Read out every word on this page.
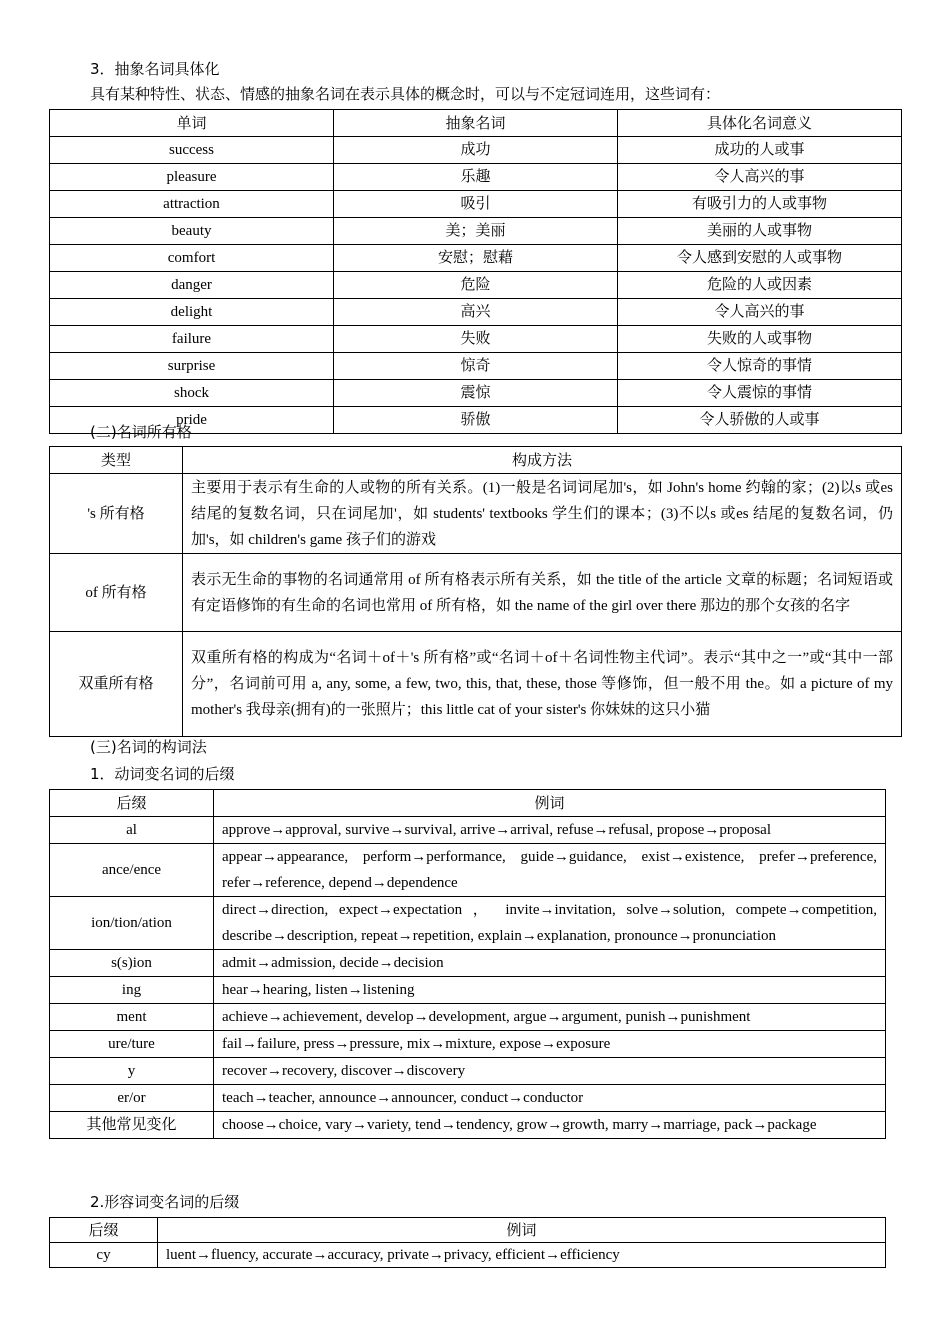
3．抽象名词具体化
具有某种特性、状态、情感的抽象名词在表示具体的概念时，可以与不定冠词连用，这些词有：
单词	抽象名词	具体化名词意义
success	成功	成功的人或事
pleasure	乐趣	令人高兴的事
attraction	吸引	有吸引力的人或事物
beauty	美；美丽	美丽的人或事物
comfort	安慰；慰藉	令人感到安慰的人或事物
danger	危险	危险的人或因素
delight	高兴	令人高兴的事
failure	失败	失败的人或事物
surprise	惊奇	令人惊奇的事情
shock	震惊	令人震惊的事情
pride	骄傲	令人骄傲的人或事
(二)名词所有格
类型	构成方法
's 所有格	主要用于表示有生命的人或物的所有关系。(1)一般是名词词尾加's，如 John's home 约翰的家；(2)以s 或es 结尾的复数名词，只在词尾加'，如 students' textbooks 学生们的课本；(3)不以s 或es 结尾的复数名词，仍加's，如 children's game 孩子们的游戏
of 所有格	表示无生命的事物的名词通常用 of 所有格表示所有关系，如 the title of the article 文章的标题；名词短语或有定语修饰的有生命的名词也常用 of 所有格，如 the name of the girl over there 那边的那个女孩的名字
双重所有格	双重所有格的构成为“名词＋of＋'s 所有格”或“名词＋of＋名词性物主代词”。表示“其中之一”或“其中一部分”，名词前可用 a, any, some, a few, two, this, that, these, those 等修饰，但一般不用 the。如 a picture of my mother's 我母亲(拥有)的一张照片；this little cat of your sister's 你妹妹的这只小猫
(三)名词的构词法
1．动词变名词的后缀
后缀	例词
al	approve→approval, survive→survival, arrive→arrival, refuse→refusal, propose→proposal
ance/ence	appear→appearance, perform→performance, guide→guidance, exist→existence, prefer→preference, refer→reference, depend→dependence
ion/tion/ation	direct→direction, expect→expectation ， invite→invitation, solve→solution, compete→competition, describe→description, repeat→repetition, explain→explanation, pronounce→pronunciation
s(s)ion	admit→admission, decide→decision
ing	hear→hearing, listen→listening
ment	achieve→achievement, develop→development, argue→argument, punish→punishment
ure/ture	fail→failure, press→pressure, mix→mixture, expose→exposure
y	recover→recovery, discover→discovery
er/or	teach→teacher, announce→announcer, conduct→conductor
其他常见变化	choose→choice, vary→variety, tend→tendency, grow→growth, marry→marriage, pack→package
2.形容词变名词的后缀
后缀	例词
cy	luent→fluency, accurate→accuracy, private→privacy, efficient→efficiency
